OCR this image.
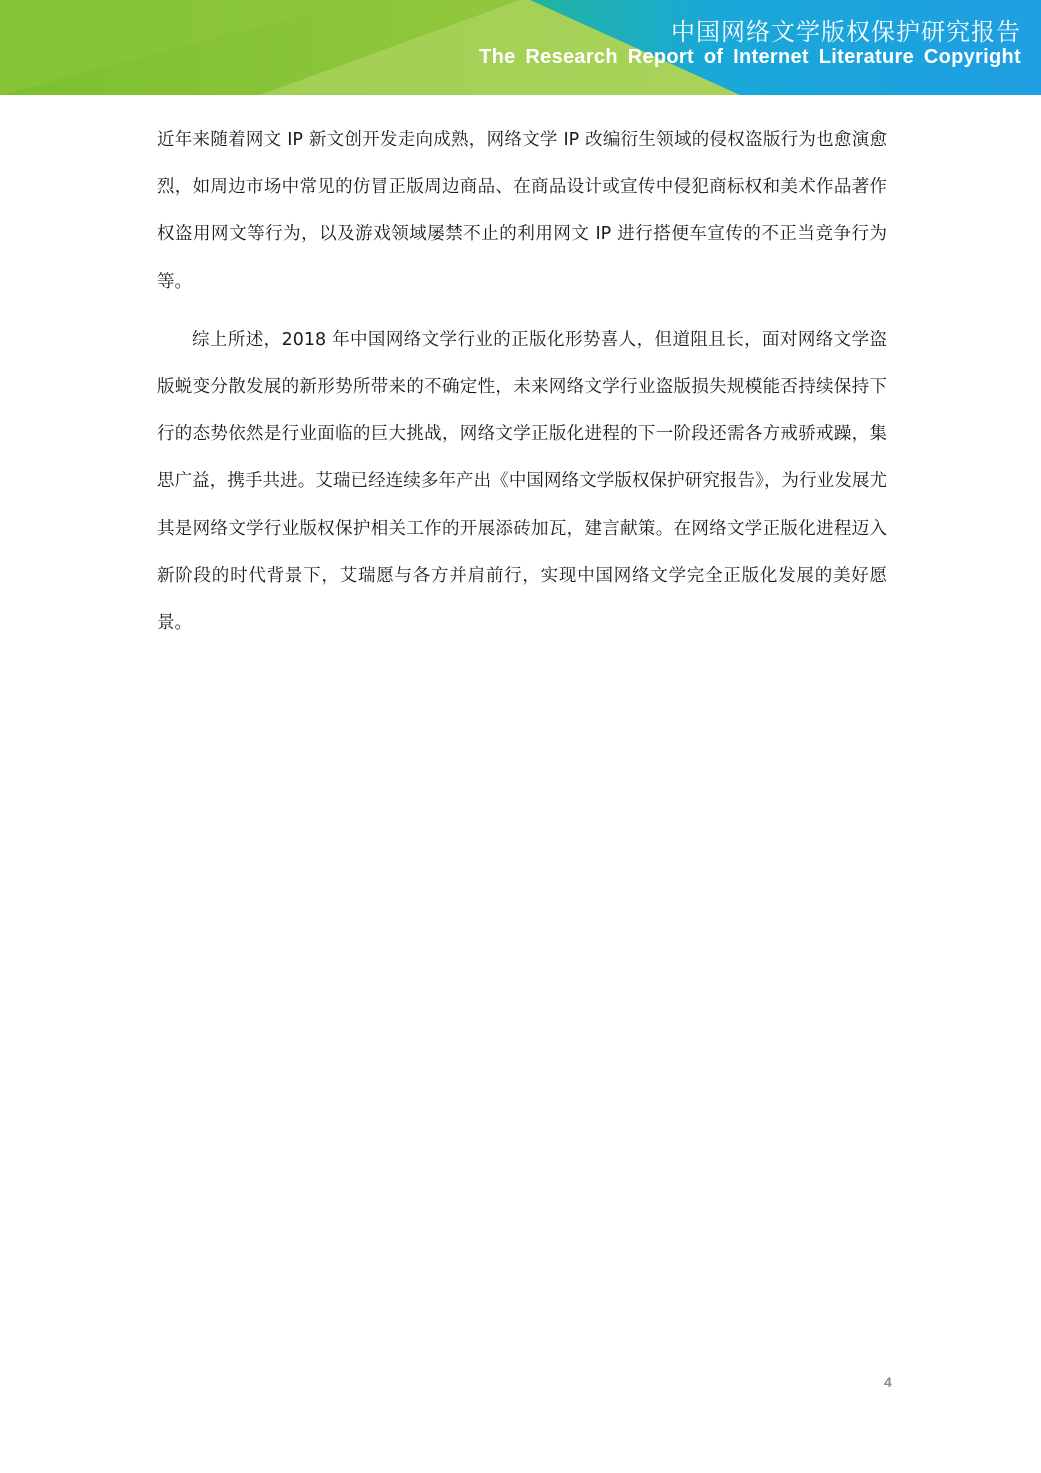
中国网络文学版权保护研究报告
The Research Report of Internet Literature Copyright

近年来随着网文 IP 新文创开发走向成熟，网络文学 IP 改编衍生领域的侵权盗版行为也愈演愈烈，如周边市场中常见的仿冒正版周边商品、在商品设计或宣传中侵犯商标权和美术作品著作权盗用网文等行为，以及游戏领域屡禁不止的利用网文 IP 进行搭便车宣传的不正当竞争行为等。

综上所述，2018 年中国网络文学行业的正版化形势喜人，但道阻且长，面对网络文学盗版蜕变分散发展的新形势所带来的不确定性，未来网络文学行业盗版损失规模能否持续保持下行的态势依然是行业面临的巨大挑战，网络文学正版化进程的下一阶段还需各方戒骄戒躁，集思广益，携手共进。艾瑞已经连续多年产出《中国网络文学版权保护研究报告》，为行业发展尤其是网络文学行业版权保护相关工作的开展添砖加瓦，建言献策。在网络文学正版化进程迈入新阶段的时代背景下，艾瑞愿与各方并肩前行，实现中国网络文学完全正版化发展的美好愿景。

4
